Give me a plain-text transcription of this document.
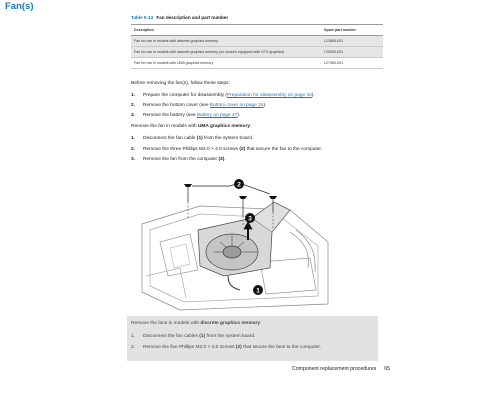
Fan(s)
Table 5-13 Fan description and part number
Description	Spare part number
Fan for use in models with discrete graphics memory	L23695-001
Fan for use in models with discrete graphics memory (on models equipped with GTX graphics)	L25530-001
Fan for use in models with UMA graphics memory	L27983-001
Before removing the fan(s), follow these steps:
1. Prepare the computer for disassembly (Preparation for disassembly on page 34).
2. Remove the bottom cover (see Bottom cover on page 34).
3. Remove the battery (see Battery on page 37).
Remove the fan in models with UMA graphics memory:
1. Disconnect the fan cable (1) from the system board.
2. Remove the three Phillips M2.0 × 4.0 screws (2) that secure the fan to the computer.
3. Remove the fan from the computer (3).
2
3
1
Remove the fans in models with discrete graphics memory:
1. Disconnect the fan cables (1) from the system board.
2. Remove the five Phillips M2.0 × 4.0 screws (2) that secure the fans to the computer.
Component replacement procedures 65
